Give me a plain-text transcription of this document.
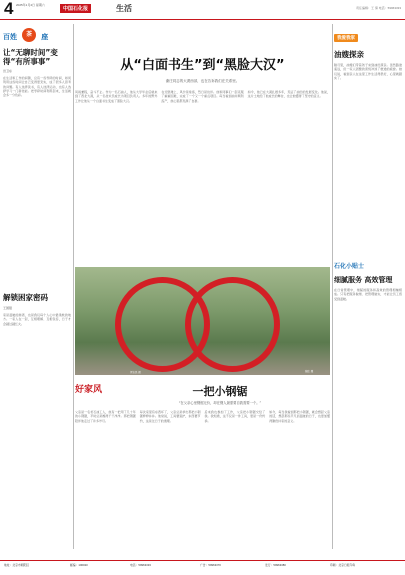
4 2025年1月4日 星期六
中国石化报	生活	责任编辑：王 倩 电话：59963333
百姓 茶 座
让“无聊时间”变得“有所事事”
田卫东
在生活和工作的间隙，总有一些零碎的时间，如何利用这些时间让自己变得更充实，成了很多人思考的问题。有人选择读书，有人选择运动，也有人选择学习一门新技能。把零碎时间利用起来，生活就会多一分色彩。
解锁困家密码
王国强
家是温暖的港湾，也是我们每个人心中最柔软的地方。一家人在一起，互相理解、互相包容，日子才会越过越红火。
从“白面书生”到“黑脸大汉”
谢庄同志的大漠西部，也在告诉我们在关系里。
风雨兼程，奋斗不止。作为一名石油人，他从大学毕业后就来到了西北大漠，从一名技术员成长为项目负责人。多年的野外工作让他从一个白面书生变成了黑脸大汉。
在戈壁滩上，风沙是常客，烈日是伙伴。他和同事们一起克服了重重困难，完成了一个又一个重点项目。每当看到油井顺利投产，他心里都充满了自豪。
如今，他已在大漠扎根多年，见证了油田的发展变化。他说，这片土地给了他成长的舞台，也让他懂得了坚守的意义。
贺志民 摄	谢庄 摄
好家风	一把小钢锯
“在父亲心里钢锯无价，却在钢人最需要自我需要一个。”
父亲是一名老石油工人，他有一把用了几十年的小钢锯，平时总是擦得干干净净。那把钢锯陪伴他走过了许多岁月。
每次家里有东西坏了，父亲总是拿出那把小钢锯修修补补。他常说，工具要爱护，东西要节约，这是过日子的道理。
后来我也参加了工作，父亲把小钢锯交给了我。我知道，这不仅是一件工具，更是一份传承。
如今，每当我看到那把小钢锯，就会想起父亲的话，想起那些平凡而温暖的日子，也更加懂得勤俭持家的意义。
我爱我家
油嫂探亲
腊月里，油嫂们带着孩子来到油田探亲。虽然路途遥远，但一家人团聚的喜悦冲淡了旅途的疲惫。她们说，看到亲人在这里工作生活得很好，心里就踏实了。
石化小贴士
细腻服务 高效管理
在日常管理中，细腻的服务和高效的管理相辅相成。只有把服务做细、把管理做实，才能让员工感受到温暖。
地址：北京市朝阳区	邮编：100020	电话：59963333	广告：59963370	发行：59963380	印刷：北京日报印务
